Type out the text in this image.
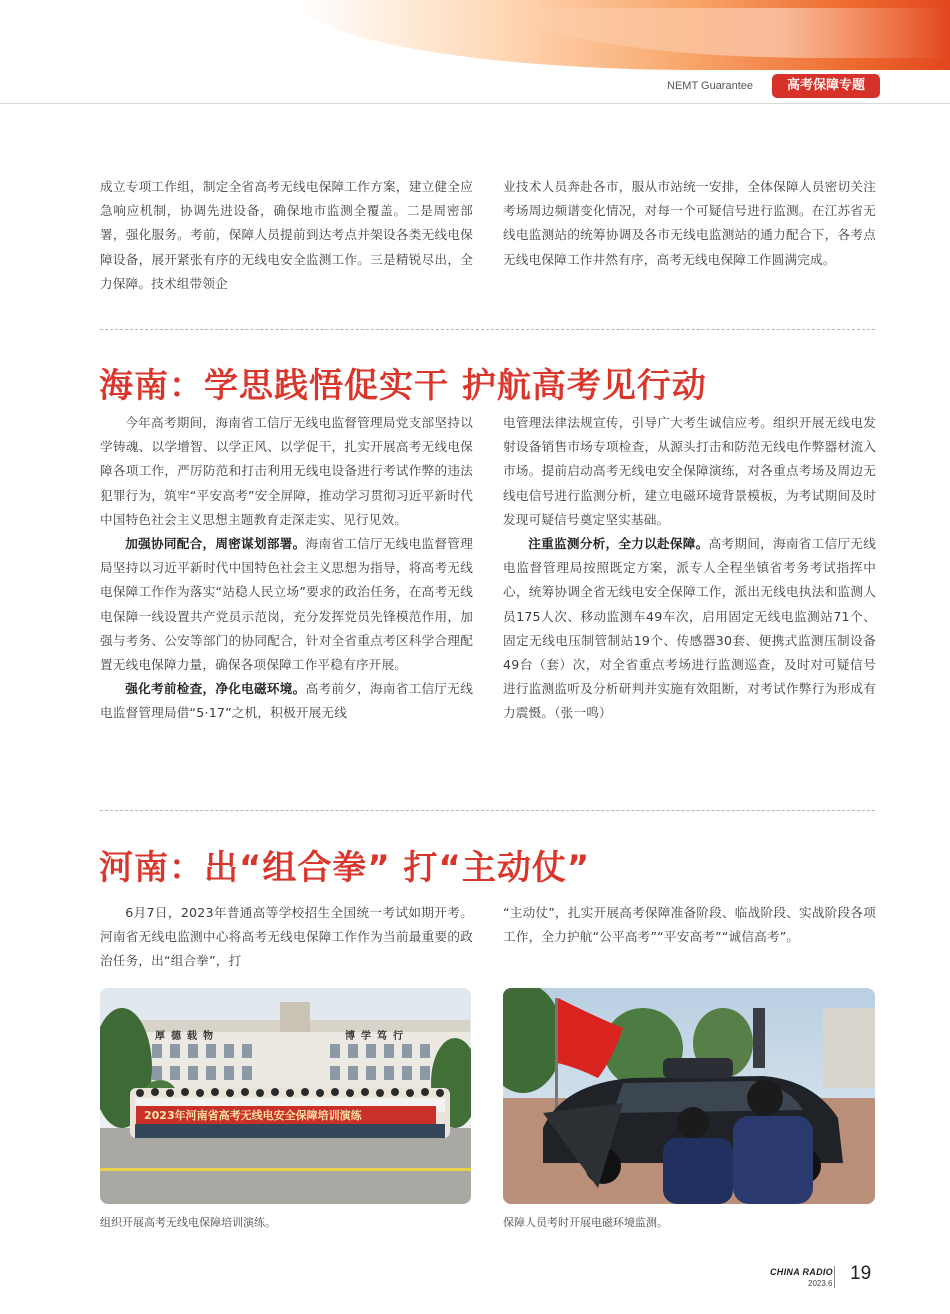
NEMT Guarantee	高考保障专题

成立专项工作组，制定全省高考无线电保障工作方案，建立健全应急响应机制，协调先进设备，确保地市监测全覆盖。二是周密部署，强化服务。考前，保障人员提前到达考点并架设各类无线电保障设备，展开紧张有序的无线电安全监测工作。三是精锐尽出，全力保障。技术组带领企

业技术人员奔赴各市，服从市站统一安排，全体保障人员密切关注考场周边频谱变化情况，对每一个可疑信号进行监测。在江苏省无线电监测站的统筹协调及各市无线电监测站的通力配合下，各考点无线电保障工作井然有序，高考无线电保障工作圆满完成。

海南：学思践悟促实干 护航高考见行动

今年高考期间，海南省工信厅无线电监督管理局党支部坚持以学铸魂、以学增智、以学正风、以学促干，扎实开展高考无线电保障各项工作，严厉防范和打击利用无线电设备进行考试作弊的违法犯罪行为，筑牢“平安高考”安全屏障，推动学习贯彻习近平新时代中国特色社会主义思想主题教育走深走实、见行见效。

加强协同配合，周密谋划部署。海南省工信厅无线电监督管理局坚持以习近平新时代中国特色社会主义思想为指导，将高考无线电保障工作作为落实“站稳人民立场”要求的政治任务，在高考无线电保障一线设置共产党员示范岗，充分发挥党员先锋模范作用，加强与考务、公安等部门的协同配合，针对全省重点考区科学合理配置无线电保障力量，确保各项保障工作平稳有序开展。

强化考前检查，净化电磁环境。高考前夕，海南省工信厅无线电监督管理局借“5·17”之机，积极开展无线

电管理法律法规宣传，引导广大考生诚信应考。组织开展无线电发射设备销售市场专项检查，从源头打击和防范无线电作弊器材流入市场。提前启动高考无线电安全保障演练，对各重点考场及周边无线电信号进行监测分析，建立电磁环境背景模板，为考试期间及时发现可疑信号奠定坚实基础。

注重监测分析，全力以赴保障。高考期间，海南省工信厅无线电监督管理局按照既定方案，派专人全程坐镇省考务考试指挥中心，统筹协调全省无线电安全保障工作，派出无线电执法和监测人员175人次、移动监测车49车次，启用固定无线电监测站71个、固定无线电压制管制站19个、传感器30套、便携式监测压制设备49台（套）次，对全省重点考场进行监测巡查，及时对可疑信号进行监测监听及分析研判并实施有效阻断，对考试作弊行为形成有力震慑。（张一鸣）

河南：出“组合拳” 打“主动仗”

6月7日，2023年普通高等学校招生全国统一考试如期开考。河南省无线电监测中心将高考无线电保障工作作为当前最重要的政治任务，出“组合拳”，打

“主动仗”，扎实开展高考保障准备阶段、临战阶段、实战阶段各项工作，全力护航“公平高考”“平安高考”“诚信高考”。

厚德载物	博学笃行
2023年河南省高考无线电安全保障培训演练
组织开展高考无线电保障培训演练。	保障人员考时开展电磁环境监测。
CHINA RADIO
2023.6 19
